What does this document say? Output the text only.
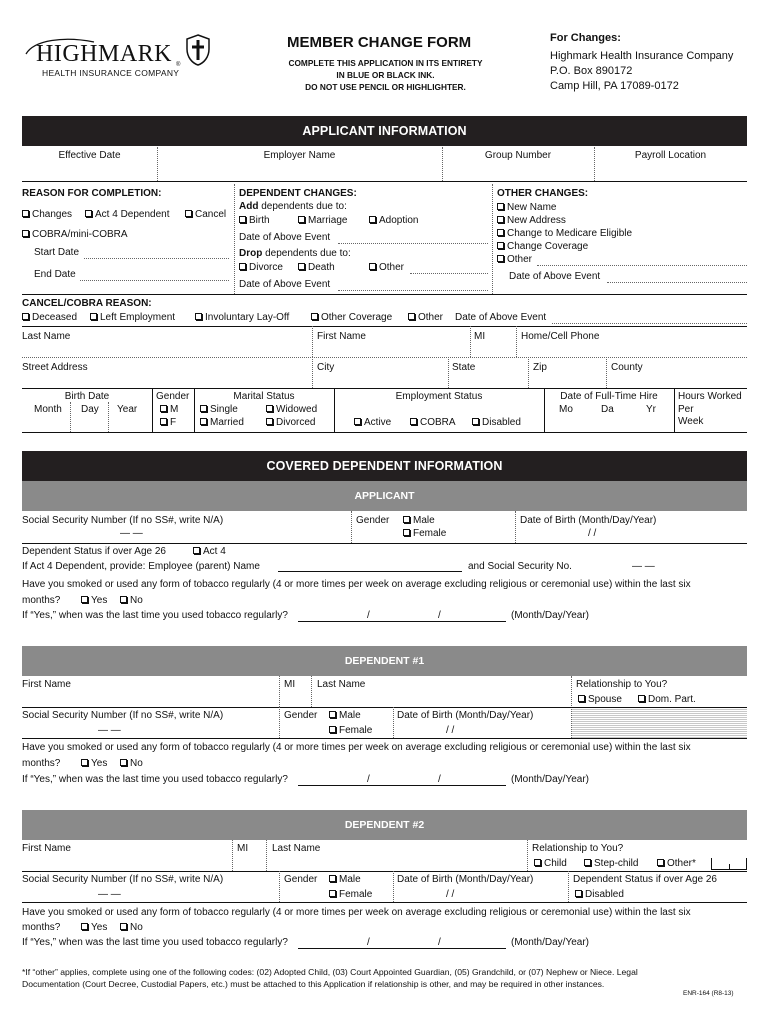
HIGHMARK
HEALTH INSURANCE COMPANY
®
MEMBER CHANGE FORM
COMPLETE THIS APPLICATION IN ITS ENTIRETY
IN BLUE OR BLACK INK.
DO NOT USE PENCIL OR HIGHLIGHTER.
For Changes:
Highmark Health Insurance Company
P.O. Box 890172
Camp Hill, PA 17089-0172
APPLICANT INFORMATION
Effective Date	Employer Name	Group Number	Payroll Location
REASON FOR COMPLETION:
Changes	Act 4 Dependent	Cancel
COBRA/mini-COBRA
Start Date
End Date
DEPENDENT CHANGES:
Add dependents due to:
Birth	Marriage	Adoption
Date of Above Event
Drop dependents due to:
Divorce	Death	Other
Date of Above Event
OTHER CHANGES:
New Name
New Address
Change to Medicare Eligible
Change Coverage
Other
Date of Above Event
CANCEL/COBRA REASON:
Deceased	Left Employment	Involuntary Lay-Off	Other Coverage	Other Date of Above Event
Last Name	First Name	MI	Home/Cell Phone
Street Address	City	State	Zip	County
Birth Date
Month Day Year
Gender
M
F
Marital Status
Single	Widowed
Married	Divorced
Employment Status
Active	COBRA	Disabled
Date of Full-Time Hire
Mo	Da	Yr
Hours Worked
Per
Week
COVERED DEPENDENT INFORMATION
APPLICANT
Social Security Number (If no SS#, write N/A)
— —
Gender	Male
Female
Date of Birth (Month/Day/Year)
/ /
Dependent Status if over Age 26	Act 4
If Act 4 Dependent, provide: Employee (parent) Name	and Social Security No.	— —
Have you smoked or used any form of tobacco regularly (4 or more times per week on average excluding religious or ceremonial use) within the last six
months?	Yes	No
If “Yes,” when was the last time you used tobacco regularly?	/	/	(Month/Day/Year)
DEPENDENT #1
First Name	MI Last Name	Relationship to You?
Spouse	Dom. Part.
Social Security Number (If no SS#, write N/A)
— —
Gender	Male
Female
Date of Birth (Month/Day/Year)
/ /
Have you smoked or used any form of tobacco regularly (4 or more times per week on average excluding religious or ceremonial use) within the last six
months?	Yes	No
If “Yes,” when was the last time you used tobacco regularly?	/	/	(Month/Day/Year)
DEPENDENT #2
First Name	MI Last Name	Relationship to You?
Child	Step-child	Other*
Social Security Number (If no SS#, write N/A)
— —
Gender	Male
Female
Date of Birth (Month/Day/Year)
/ /
Dependent Status if over Age 26
Disabled
Have you smoked or used any form of tobacco regularly (4 or more times per week on average excluding religious or ceremonial use) within the last six
months?	Yes	No
If “Yes,” when was the last time you used tobacco regularly?	/	/	(Month/Day/Year)
*If “other” applies, complete using one of the following codes: (02) Adopted Child, (03) Court Appointed Guardian, (05) Grandchild, or (07) Nephew or Niece. Legal
Documentation (Court Decree, Custodial Papers, etc.) must be attached to this Application if relationship is other, and may be required in other instances.
ENR-164 (R8-13)
